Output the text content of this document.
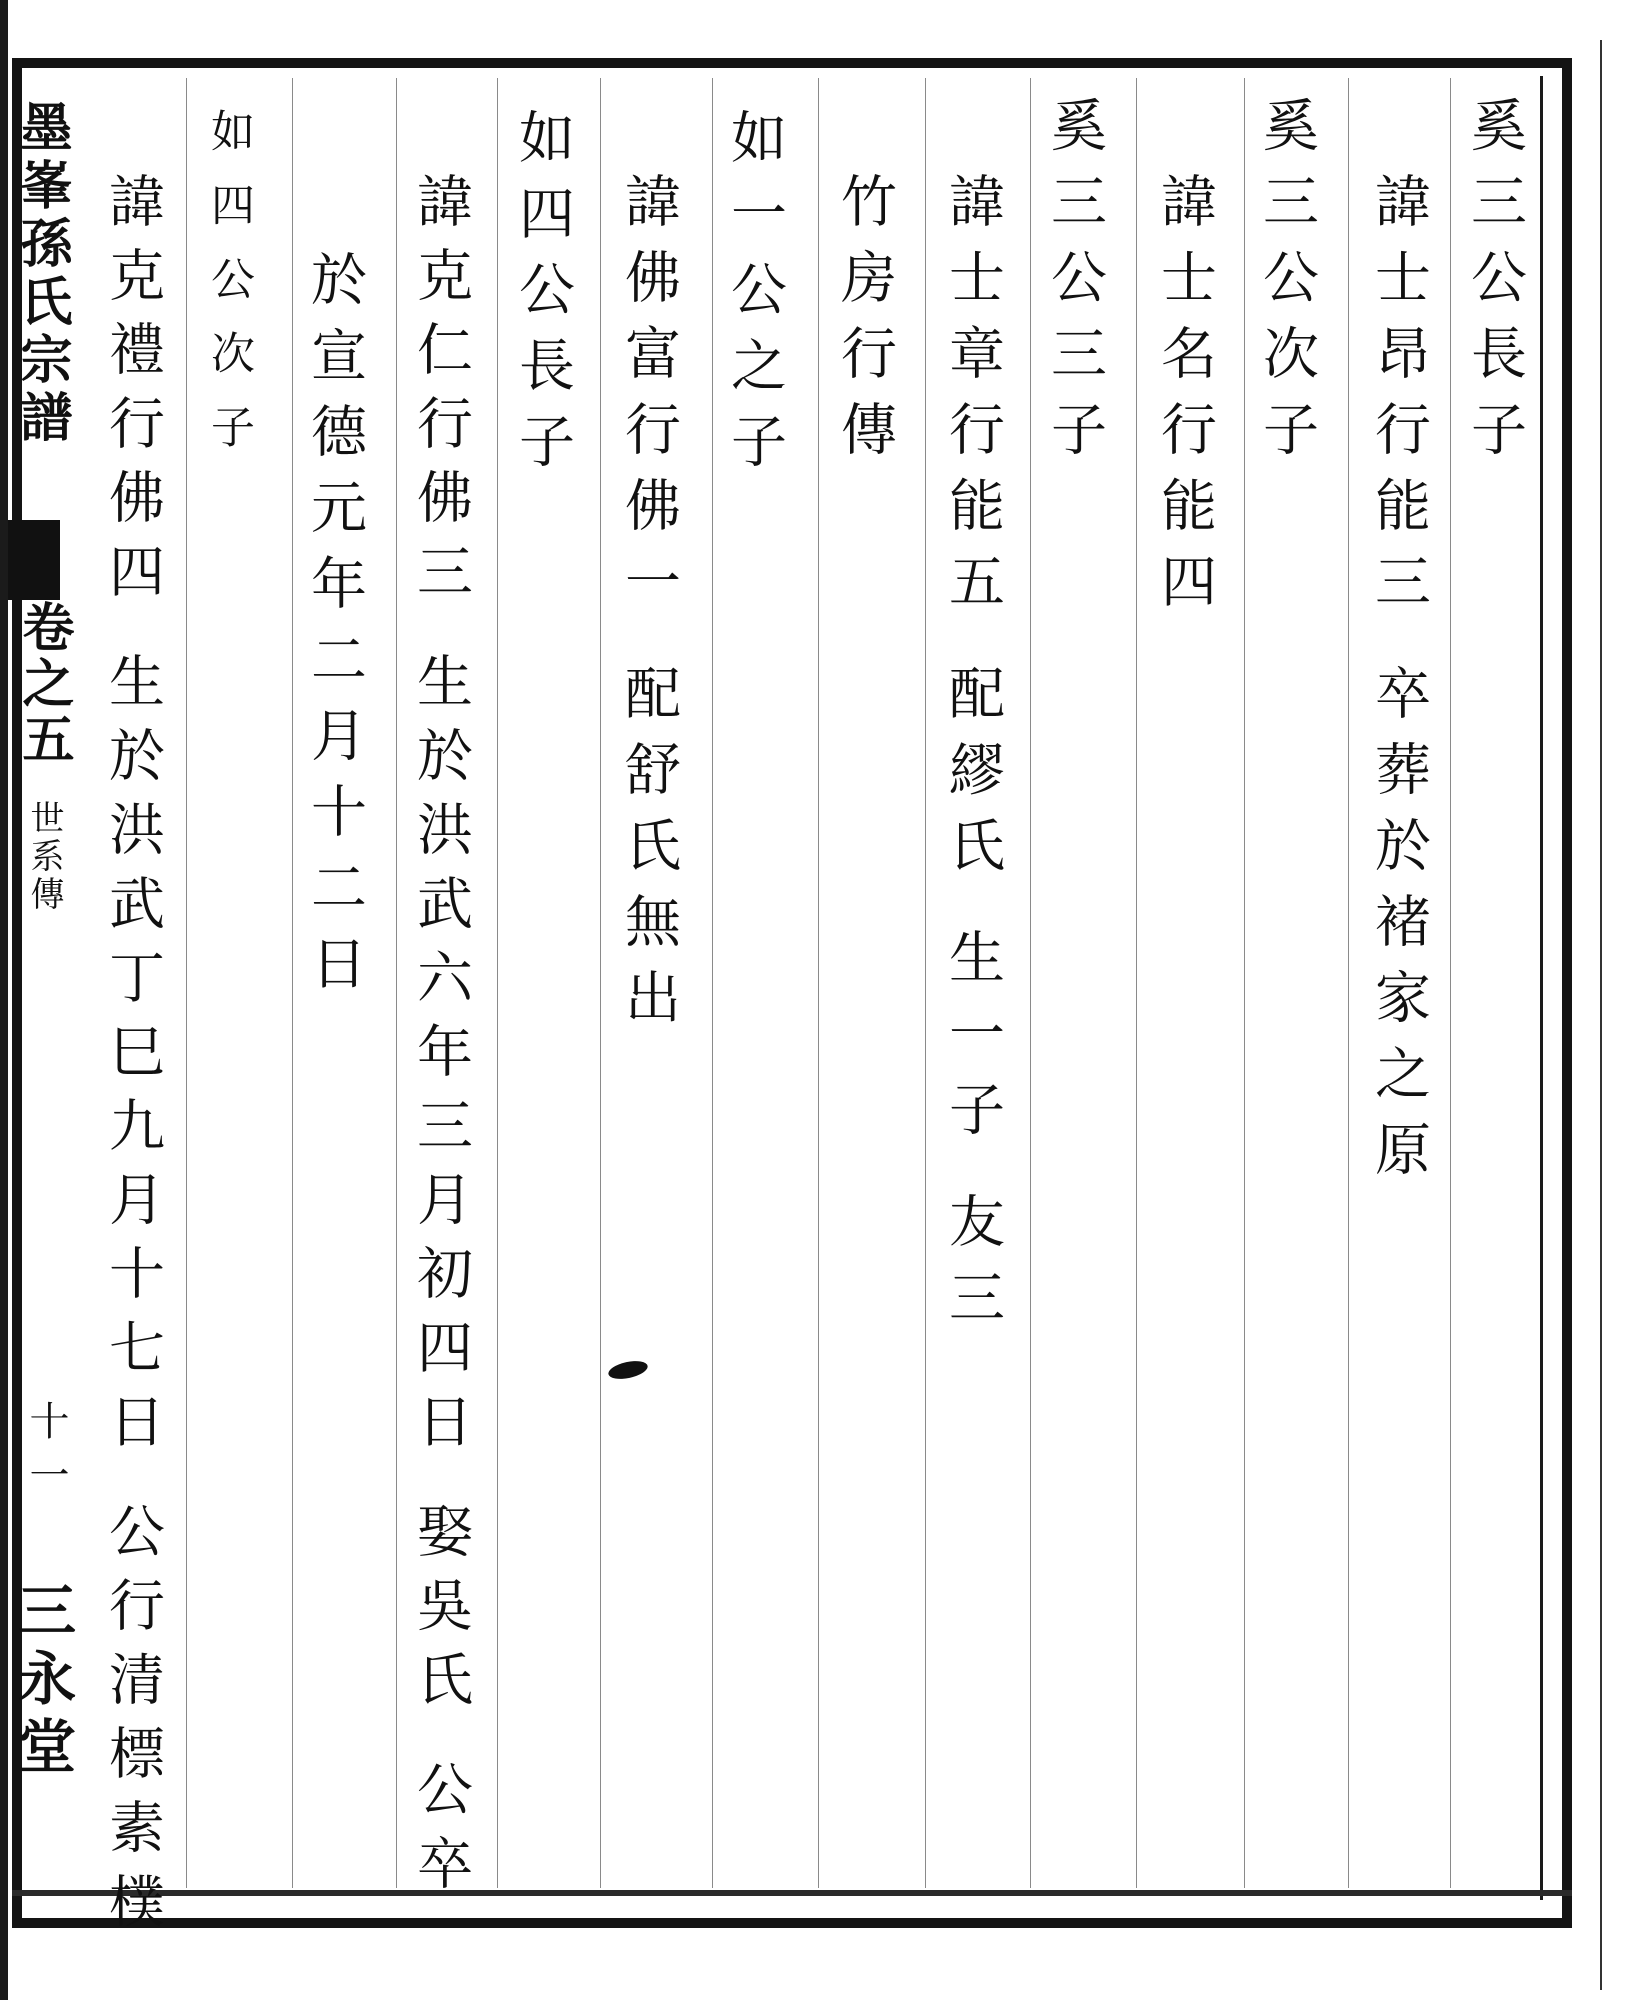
墨峯孫氏宗譜
卷之五
世系傳
十一
三永堂
奚三公長子
諱士昂行能三卒葬於褚家之原
奚三公次子
諱士名行能四
奚三公三子
諱士章行能五配繆氏生一子友三
竹房行傳
如一公之子
諱佛富行佛一配舒氏無出
如四公長子
諱克仁行佛三生於洪武六年三月初四日娶吳氏公卒
於宣德元年二月十二日
如四公次子
諱克禮行佛四生於洪武丁巳九月十七日公行清標素樸
